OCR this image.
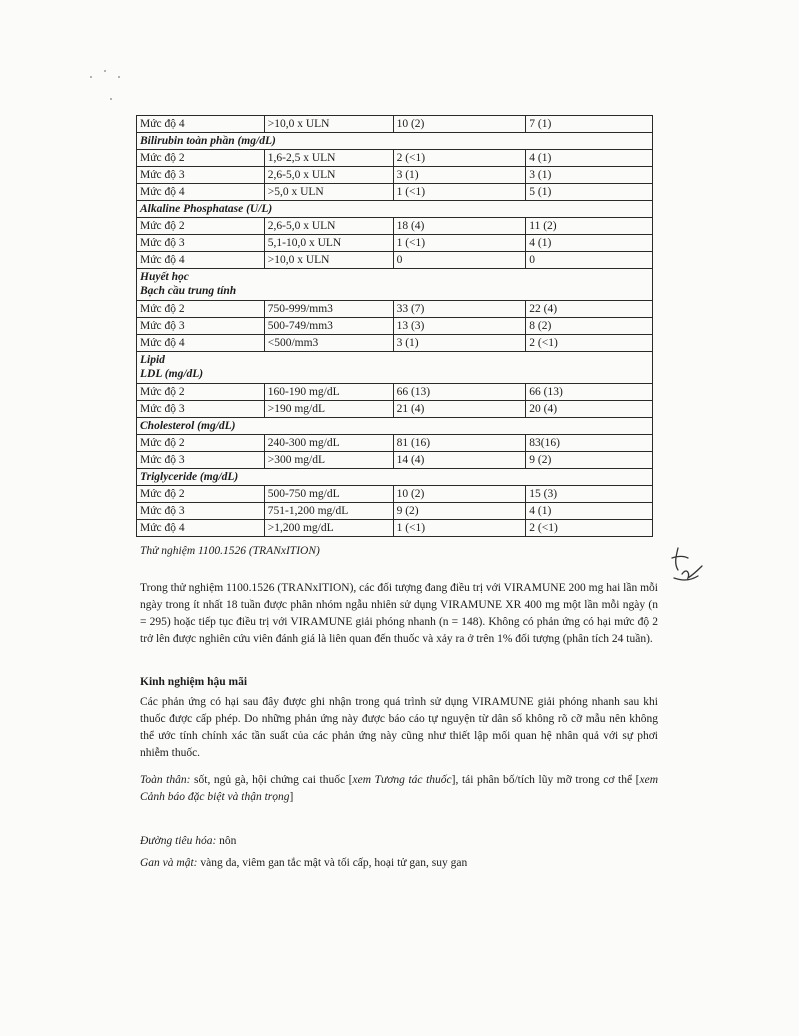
Mức độ 4	>10,0 x ULN	10 (2)	7 (1)

Bilirubin toàn phần (mg/dL)			

Mức độ 2	1,6-2,5 x ULN	2 (<1)	4 (1)
Mức độ 3	2,6-5,0 x ULN	3 (1)	3 (1)
Mức độ 4	>5,0 x ULN	1 (<1)	5 (1)

Alkaline Phosphatase (U/L)			

Mức độ 2	2,6-5,0 x ULN	18 (4)	11 (2)
Mức độ 3	5,1-10,0 x ULN	1 (<1)	4 (1)
Mức độ 4	>10,0 x ULN	0	0

Huyết học
Bạch cầu trung tính			

Mức độ 2	750-999/mm3	33 (7)	22 (4)
Mức độ 3	500-749/mm3	13 (3)	8 (2)
Mức độ 4	<500/mm3	3 (1)	2 (<1)

Lipid
LDL (mg/dL)			

Mức độ 2	160-190 mg/dL	66 (13)	66 (13)
Mức độ 3	>190 mg/dL	21 (4)	20 (4)

Cholesterol (mg/dL)			

Mức độ 2	240-300 mg/dL	81 (16)	83(16)
Mức độ 3	>300 mg/dL	14 (4)	9 (2)

Triglyceride (mg/dL)			

Mức độ 2	500-750 mg/dL	10 (2)	15 (3)
Mức độ 3	751-1,200 mg/dL	9 (2)	4 (1)
Mức độ 4	>1,200 mg/dL	1 (<1)	2 (<1)
Thử nghiệm 1100.1526 (TRANxITION)

Trong thử nghiệm 1100.1526 (TRANxITION), các đối tượng đang điều trị với VIRAMUNE 200 mg hai lần mỗi ngày trong ít nhất 18 tuần được phân nhóm ngẫu nhiên sử dụng VIRAMUNE XR 400 mg một lần mỗi ngày (n = 295) hoặc tiếp tục điều trị với VIRAMUNE giải phóng nhanh (n = 148). Không có phản ứng có hại mức độ 2 trở lên được nghiên cứu viên đánh giá là liên quan đến thuốc và xảy ra ở trên 1% đối tượng (phân tích 24 tuần).

Kinh nghiệm hậu mãi

Các phản ứng có hại sau đây được ghi nhận trong quá trình sử dụng VIRAMUNE giải phóng nhanh sau khi thuốc được cấp phép. Do những phản ứng này được báo cáo tự nguyện từ dân số không rõ cỡ mẫu nên không thể ước tính chính xác tần suất của các phản ứng này cũng như thiết lập mối quan hệ nhân quả với sự phơi nhiễm thuốc.

Toàn thân: sốt, ngủ gà, hội chứng cai thuốc [xem Tương tác thuốc], tái phân bố/tích lũy mỡ trong cơ thể [xem Cảnh báo đặc biệt và thận trọng]

Đường tiêu hóa: nôn

Gan và mật: vàng da, viêm gan tắc mật và tối cấp, hoại tử gan, suy gan
